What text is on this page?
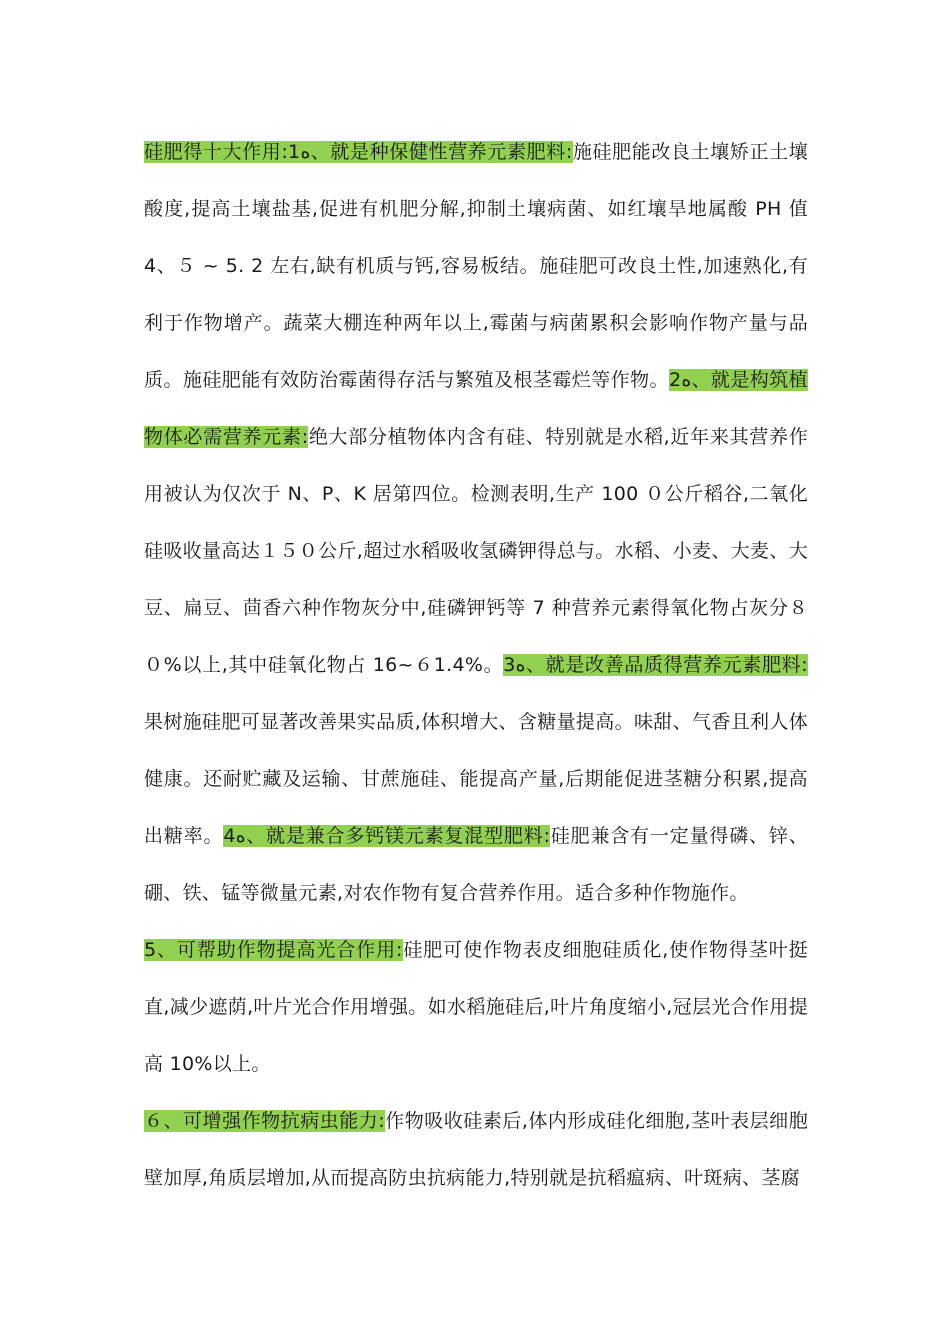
硅肥得十大作用:1ﻩ、就是种保健性营养元素肥料:施硅肥能改良土壤矫正土壤酸度,提高土壤盐基,促进有机肥分解,抑制土壤病菌、如红壤旱地属酸 PH 值 4、５ ~ 5. 2 左右,缺有机质与钙,容易板结。施硅肥可改良土性,加速熟化,有利于作物增产。蔬菜大棚连种两年以上,霉菌与病菌累积会影响作物产量与品质。施硅肥能有效防治霉菌得存活与繁殖及根茎霉烂等作物。2ﻩ、就是构筑植物体必需营养元素:绝大部分植物体内含有硅、特别就是水稻,近年来其营养作用被认为仅次于 N、P、K 居第四位。检测表明,生产 100 ０公斤稻谷,二氧化硅吸收量高达１５０公斤,超过水稻吸收氢磷钾得总与。水稻、小麦、大麦、大豆、扁豆、茴香六种作物灰分中,硅磷钾钙等 7 种营养元素得氧化物占灰分８０%以上,其中硅氧化物占 16~６1.4%。3ﻩ、就是改善品质得营养元素肥料:果树施硅肥可显著改善果实品质,体积增大、含糖量提高。味甜、气香且利人体健康。还耐贮藏及运输、甘蔗施硅、能提高产量,后期能促进茎糖分积累,提高出糖率。4ﻩ、就是兼合多钙镁元素复混型肥料:硅肥兼含有一定量得磷、锌、硼、铁、锰等微量元素,对农作物有复合营养作用。适合多种作物施作。

5、可帮助作物提高光合作用:硅肥可使作物表皮细胞硅质化,使作物得茎叶挺直,减少遮荫,叶片光合作用增强。如水稻施硅后,叶片角度缩小,冠层光合作用提高 10%以上。

６、可增强作物抗病虫能力:作物吸收硅素后,体内形成硅化细胞,茎叶表层细胞壁加厚,角质层增加,从而提高防虫抗病能力,特别就是抗稻瘟病、叶斑病、茎腐
